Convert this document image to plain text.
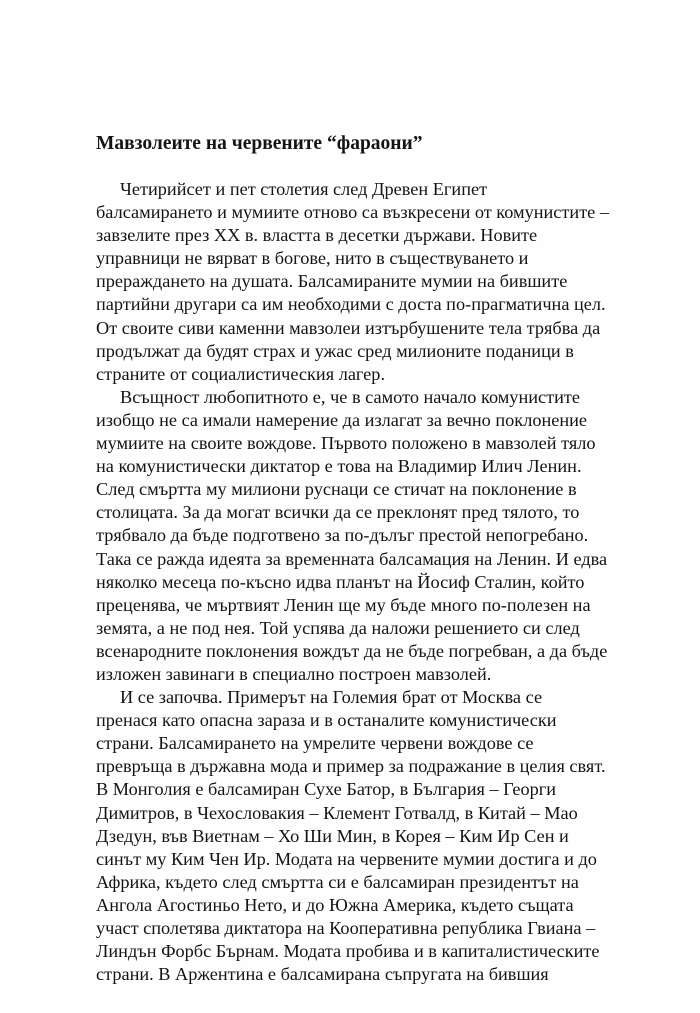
Мавзолеите на червените “фараони”

Четирийсет и пет столетия след Древен Египет
балсамирането и мумиите отново са възкресени от комунистите –
завзелите през ХХ в. властта в десетки държави. Новите
управници не вярват в богове, нито в съществуването и
прераждането на душата. Балсамираните мумии на бившите
партийни другари са им необходими с доста по-прагматична цел.
От своите сиви каменни мавзолеи изтърбушените тела трябва да
продължат да будят страх и ужас сред милионите поданици в
страните от социалистическия лагер.

Всъщност любопитното е, че в самото начало комунистите
изобщо не са имали намерение да излагат за вечно поклонение
мумиите на своите вождове. Първото положено в мавзолей тяло
на комунистически диктатор е това на Владимир Илич Ленин.
След смъртта му милиони руснаци се стичат на поклонение в
столицата. За да могат всички да се преклонят пред тялото, то
трябвало да бъде подготвено за по-дълъг престой непогребано.
Така се ражда идеята за временната балсамация на Ленин. И едва
няколко месеца по-късно идва планът на Йосиф Сталин, който
преценява, че мъртвият Ленин ще му бъде много по-полезен на
земята, а не под нея. Той успява да наложи решението си след
всенародните поклонения вождът да не бъде погребван, а да бъде
изложен завинаги в специално построен мавзолей.

И се започва. Примерът на Големия брат от Москва се
пренася като опасна зараза и в останалите комунистически
страни. Балсамирането на умрелите червени вождове се
превръща в държавна мода и пример за подражание в целия свят.
В Монголия е балсамиран Сухе Батор, в България – Георги
Димитров, в Чехословакия – Клемент Готвалд, в Китай – Мао
Дзедун, във Виетнам – Хо Ши Мин, в Корея – Ким Ир Сен и
синът му Ким Чен Ир. Модата на червените мумии достига и до
Африка, където след смъртта си е балсамиран президентът на
Ангола Агостиньо Нето, и до Южна Америка, където същата
участ сполетява диктатора на Кооперативна република Гвиана –
Линдън Форбс Бърнам. Модата пробива и в капиталистическите
страни. В Аржентина е балсамирана съпругата на бившия
